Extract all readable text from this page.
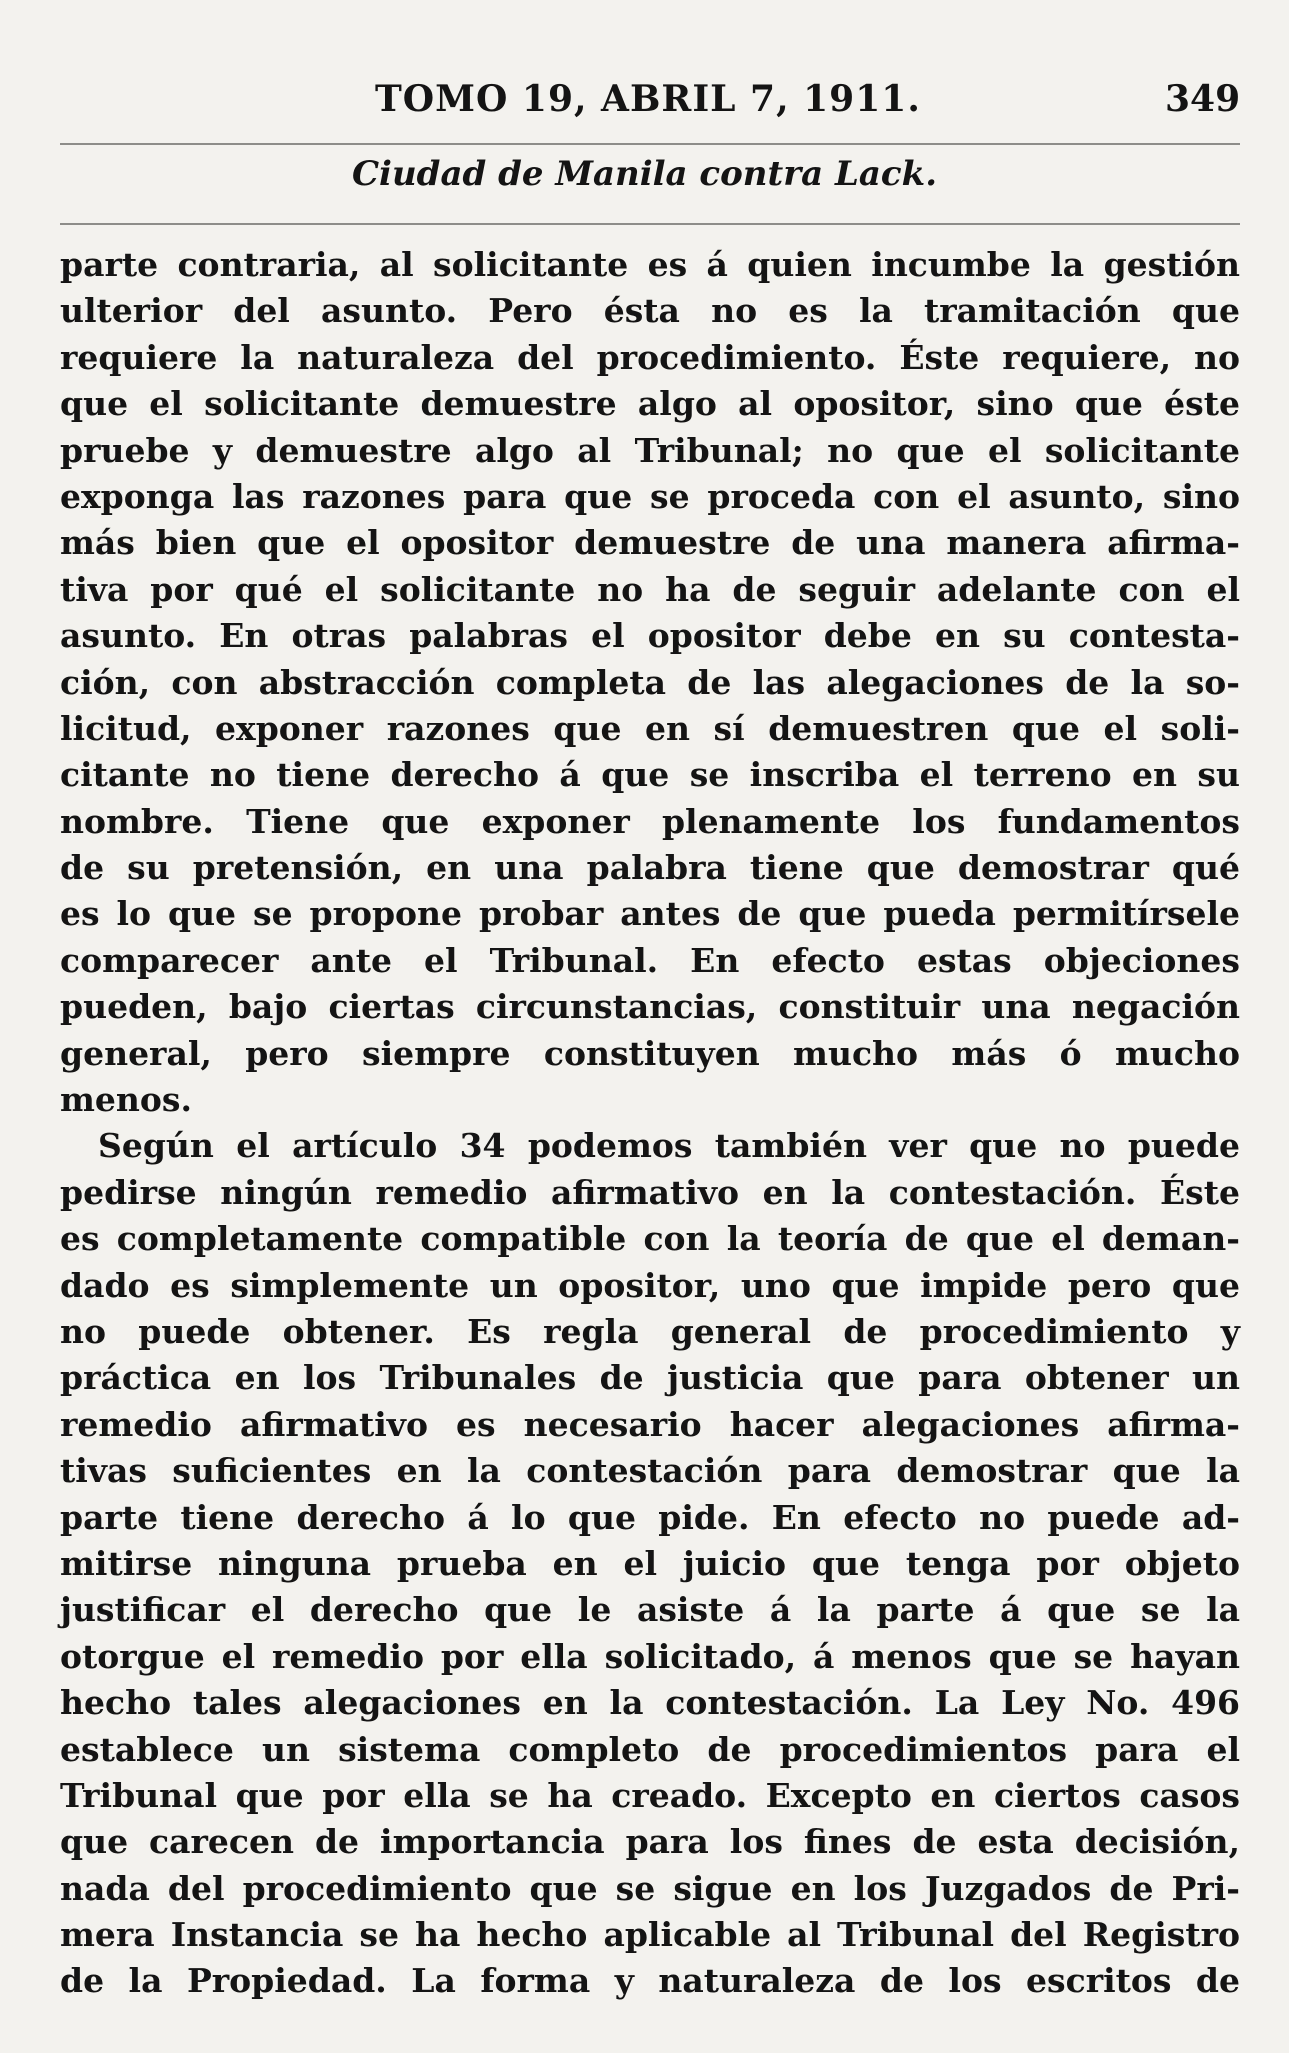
TOMO 19, ABRIL 7, 1911.	349
Ciudad de Manila contra Lack.
parte contraria, al solicitante es á quien incumbe la gestión
ulterior del asunto. Pero ésta no es la tramitación que
requiere la naturaleza del procedimiento. Éste requiere, no
que el solicitante demuestre algo al opositor, sino que éste
pruebe y demuestre algo al Tribunal; no que el solicitante
exponga las razones para que se proceda con el asunto, sino
más bien que el opositor demuestre de una manera afirma-
tiva por qué el solicitante no ha de seguir adelante con el
asunto. En otras palabras el opositor debe en su contesta-
ción, con abstracción completa de las alegaciones de la so-
licitud, exponer razones que en sí demuestren que el soli-
citante no tiene derecho á que se inscriba el terreno en su
nombre. Tiene que exponer plenamente los fundamentos
de su pretensión, en una palabra tiene que demostrar qué
es lo que se propone probar antes de que pueda permitírsele
comparecer ante el Tribunal. En efecto estas objeciones
pueden, bajo ciertas circunstancias, constituir una negación
general, pero siempre constituyen mucho más ó mucho
menos.
Según el artículo 34 podemos también ver que no puede
pedirse ningún remedio afirmativo en la contestación. Éste
es completamente compatible con la teoría de que el deman-
dado es simplemente un opositor, uno que impide pero que
no puede obtener. Es regla general de procedimiento y
práctica en los Tribunales de justicia que para obtener un
remedio afirmativo es necesario hacer alegaciones afirma-
tivas suficientes en la contestación para demostrar que la
parte tiene derecho á lo que pide. En efecto no puede ad-
mitirse ninguna prueba en el juicio que tenga por objeto
justificar el derecho que le asiste á la parte á que se la
otorgue el remedio por ella solicitado, á menos que se hayan
hecho tales alegaciones en la contestación. La Ley No. 496
establece un sistema completo de procedimientos para el
Tribunal que por ella se ha creado. Excepto en ciertos casos
que carecen de importancia para los fines de esta decisión,
nada del procedimiento que se sigue en los Juzgados de Pri-
mera Instancia se ha hecho aplicable al Tribunal del Registro
de la Propiedad. La forma y naturaleza de los escritos de
